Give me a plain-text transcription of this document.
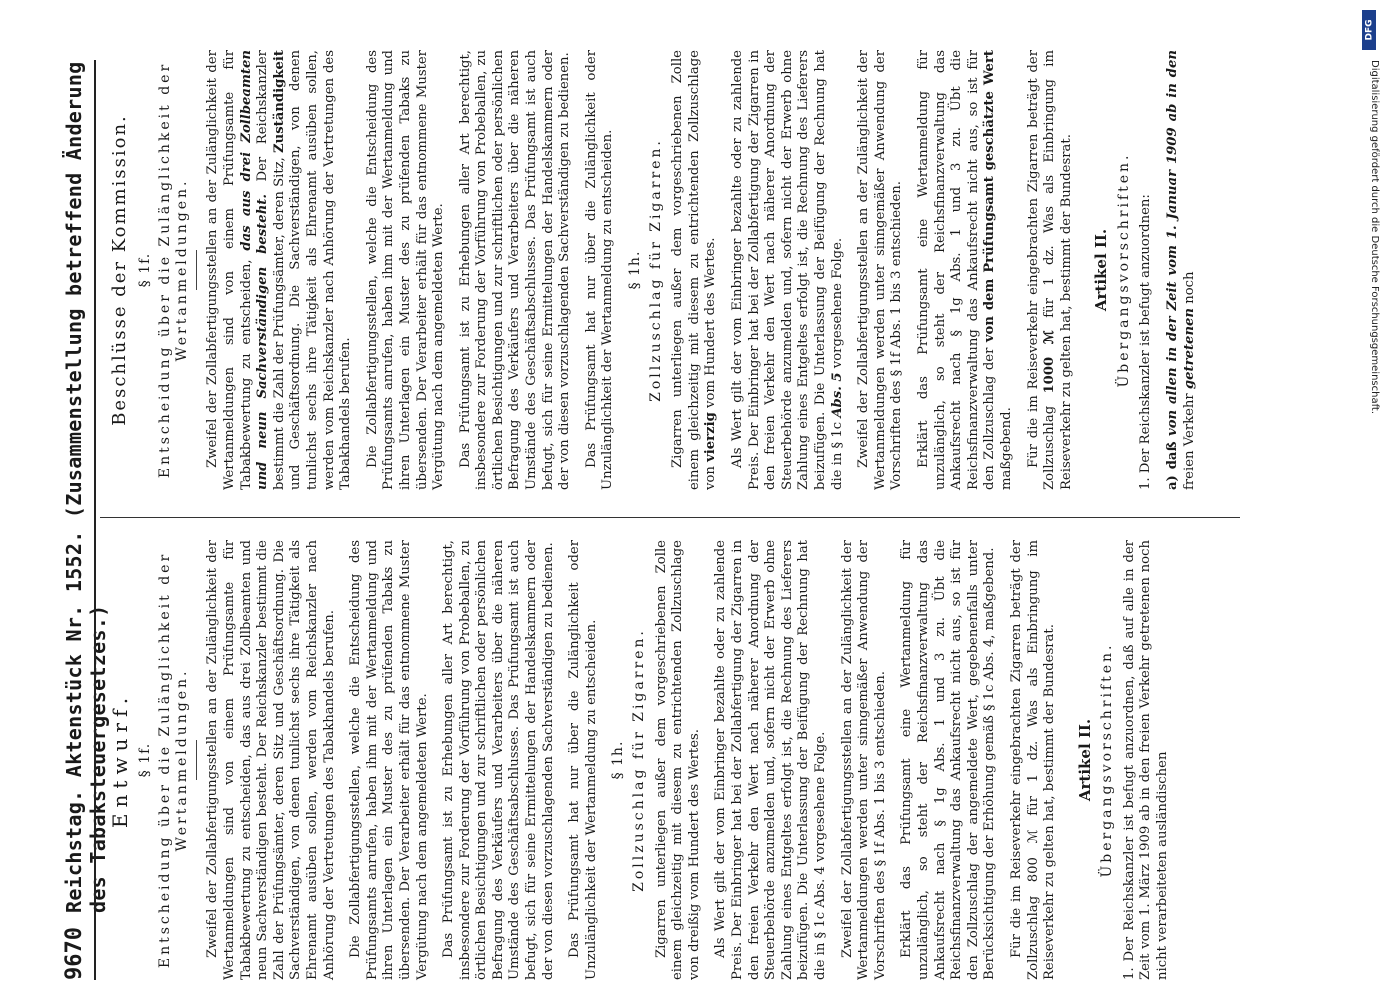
9670
Reichstag. Aktenstück Nr. 1552. (Zusammenstellung betreffend Änderung des Tabaksteuergesetzes.)
Entwurf. § 1f. Entscheidung über die Zulänglichkeit der Wertanmeldungen. Zweifel der Zollabfertigungsstellen an der Zulänglichkeit der Wertanmeldungen sind von einem Prüfungsamte für Tabakbewertung zu entscheiden, das aus drei Zollbeamten und neun Sachverständigen besteht. Der Reichskanzler bestimmt die Zahl der Prüfungsämter, deren Sitz und Geschäftsordnung. Die Sachverständigen, von denen tunlichst sechs ihre Tätigkeit als Ehrenamt ausüben sollen, werden vom Reichskanzler nach Anhörung der Vertretungen des Tabakhandels berufen. Die Zollabfertigungsstellen, welche die Entscheidung des Prüfungsamts anrufen, haben ihm mit der Wertanmeldung und ihren Unterlagen ein Muster des zu prüfenden Tabaks zu übersenden. Der Verarbeiter erhält für das entnommene Muster Vergütung nach dem angemeldeten Werte. Das Prüfungsamt ist zu Erhebungen aller Art berechtigt, insbesondere zur Forderung der Vorführung von Probeballen, zu örtlichen Besichtigungen und zur schriftlichen oder persönlichen Befragung des Verkäufers und Verarbeiters über die näheren Umstände des Geschäftsabschlusses. Das Prüfungsamt ist auch befugt, sich für seine Ermittelungen der Handelskammern oder der von diesen vorzuschlagenden Sachverständigen zu bedienen. Das Prüfungsamt hat nur über die Zulänglichkeit oder Unzulänglichkeit der Wertanmeldung zu entscheiden. § 1h. Zollzuschlag für Zigarren. Zigarren unterliegen außer dem vorgeschriebenen Zolle einem gleichzeitig mit diesem zu entrichtenden Zollzuschlage von dreißig vom Hundert des Wertes. Als Wert gilt der vom Einbringer bezahlte oder zu zahlende Preis. Der Einbringer hat bei der Zollabfertigung der Zigarren in den freien Verkehr den Wert nach näherer Anordnung der Steuerbehörde anzumelden und, sofern nicht der Erwerb ohne Zahlung eines Entgeltes erfolgt ist, die Rechnung des Lieferers beizufügen. Die Unterlassung der Beifügung der Rechnung hat die in § 1c Abs. 4 vorgesehene Folge. Zweifel der Zollabfertigungsstellen an der Zulänglichkeit der Wertanmeldungen werden unter sinngemäßer Anwendung der Vorschriften des § 1f Abs. 1 bis 3 entschieden. Erklärt das Prüfungsamt eine Wertanmeldung für unzulänglich, so steht der Reichsfinanzverwaltung das Ankaufsrecht nach § 1g Abs. 1 und 3 zu. Übt die Reichsfinanzverwaltung das Ankaufsrecht nicht aus, so ist für den Zollzuschlag der angemeldete Wert, gegebenenfalls unter Berücksichtigung der Erhöhung gemäß § 1c Abs. 4, maßgebend. Für die im Reiseverkehr eingebrachten Zigarren beträgt der Zollzuschlag 800 ℳ für 1 dz. Was als Einbringung im Reiseverkehr zu gelten hat, bestimmt der Bundesrat. Artikel II. Übergangsvorschriften. 1. Der Reichskanzler ist befugt anzuordnen, daß auf alle in der Zeit vom 1. März 1909 ab in den freien Verkehr getretenen noch nicht verarbeiteten ausländischen

Beschlüsse der Kommission. § 1f. Entscheidung über die Zulänglichkeit der Wertanmeldungen. Zweifel der Zollabfertigungsstellen an der Zulänglichkeit der Wertanmeldungen sind von einem Prüfungsamte für Tabakbewertung zu entscheiden, das aus drei Zollbeamten und neun Sachverständigen besteht. Der Reichskanzler bestimmt die Zahl der Prüfungsämter, deren Sitz, Zuständigkeit und Geschäftsordnung. Die Sachverständigen, von denen tunlichst sechs ihre Tätigkeit als Ehrenamt ausüben sollen, werden vom Reichskanzler nach Anhörung der Vertretungen des Tabakhandels berufen. Die Zollabfertigungsstellen, welche die Entscheidung des Prüfungsamts anrufen, haben ihm mit der Wertanmeldung und ihren Unterlagen ein Muster des zu prüfenden Tabaks zu übersenden. Der Verarbeiter erhält für das entnommene Muster Vergütung nach dem angemeldeten Werte. Das Prüfungsamt ist zu Erhebungen aller Art berechtigt, insbesondere zur Forderung der Vorführung von Probeballen, zu örtlichen Besichtigungen und zur schriftlichen oder persönlichen Befragung des Verkäufers und Verarbeiters über die näheren Umstände des Geschäftsabschlusses. Das Prüfungsamt ist auch befugt, sich für seine Ermittelungen der Handelskammern oder der von diesen vorzuschlagenden Sachverständigen zu bedienen. Das Prüfungsamt hat nur über die Zulänglichkeit oder Unzulänglichkeit der Wertanmeldung zu entscheiden. § 1h. Zollzuschlag für Zigarren. Zigarren unterliegen außer dem vorgeschriebenen Zolle einem gleichzeitig mit diesem zu entrichtenden Zollzuschlage von vierzig vom Hundert des Wertes. Als Wert gilt der vom Einbringer bezahlte oder zu zahlende Preis. Der Einbringer hat bei der Zollabfertigung der Zigarren in den freien Verkehr den Wert nach näherer Anordnung der Steuerbehörde anzumelden und, sofern nicht der Erwerb ohne Zahlung eines Entgeltes erfolgt ist, die Rechnung des Lieferers beizufügen. Die Unterlassung der Beifügung der Rechnung hat die in § 1c Abs. 5 vorgesehene Folge. Zweifel der Zollabfertigungsstellen an der Zulänglichkeit der Wertanmeldungen werden unter sinngemäßer Anwendung der Vorschriften des § 1f Abs. 1 bis 3 entschieden. Erklärt das Prüfungsamt eine Wertanmeldung für unzulänglich, so steht der Reichsfinanzverwaltung das Ankaufsrecht nach § 1g Abs. 1 und 3 zu. Übt die Reichsfinanzverwaltung das Ankaufsrecht nicht aus, so ist für den Zollzuschlag der von dem Prüfungsamt geschätzte Wert maßgebend. Für die im Reiseverkehr eingebrachten Zigarren beträgt der Zollzuschlag 1000 ℳ für 1 dz. Was als Einbringung im Reiseverkehr zu gelten hat, bestimmt der Bundesrat. Artikel II. Übergangsvorschriften. 1. Der Reichskanzler ist befugt anzuordnen: a) daß von allen in der Zeit vom 1. Januar 1909 ab in den freien Verkehr getretenen noch

DFG
Digitalisierung gefördert durch die Deutsche Forschungsgemeinschaft.
